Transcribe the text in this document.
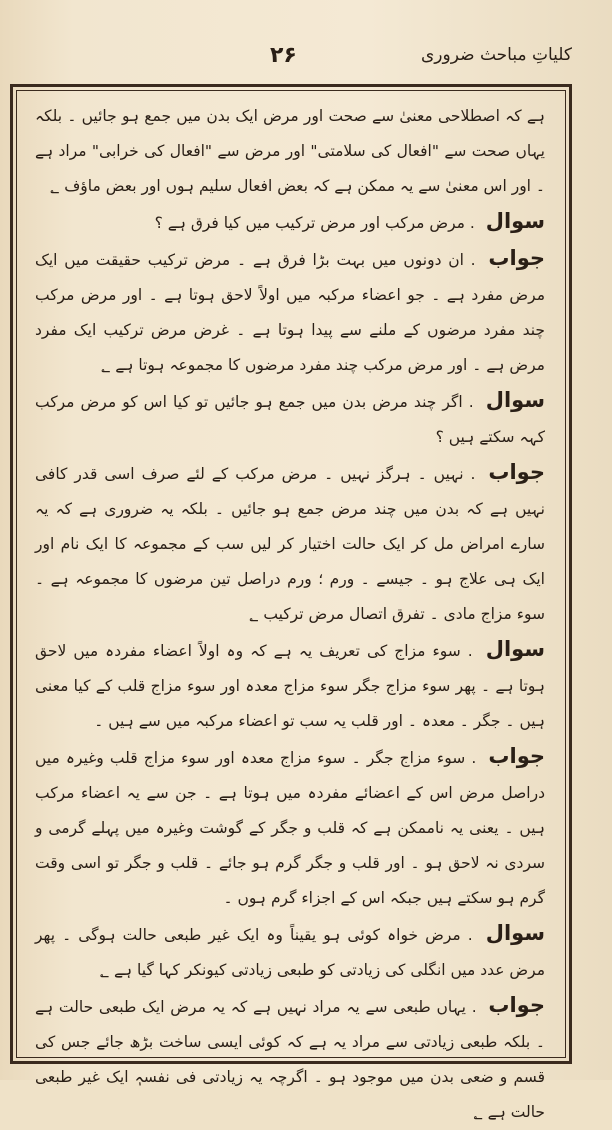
۲۶	کلیاتِ مباحث ضروری

ہے کہ اصطلاحی معنیٰ سے صحت اور مرض ایک بدن میں جمع ہو جائیں ۔ بلکہ یہاں صحت سے "افعال کی سلامتی" اور مرض سے "افعال کی خرابی" مراد ہے ۔ اور اس معنیٰ سے یہ ممکن ہے کہ بعض افعال سلیم ہوں اور بعض ماؤف ؂

سوال . مرض مرکب اور مرض ترکیب میں کیا فرق ہے ؟

جواب . ان دونوں میں بہت بڑا فرق ہے ۔ مرض ترکیب حقیقت میں ایک مرض مفرد ہے ۔ جو اعضاء مرکبہ میں اولاً لاحق ہوتا ہے ۔ اور مرض مرکب چند مفرد مرضوں کے ملنے سے پیدا ہوتا ہے ۔ غرض مرض ترکیب ایک مفرد مرض ہے ۔ اور مرض مرکب چند مفرد مرضوں کا مجموعہ ہوتا ہے ؂

سوال . اگر چند مرض بدن میں جمع ہو جائیں تو کیا اس کو مرض مرکب کہہ سکتے ہیں ؟

جواب . نہیں ۔ ہرگز نہیں ۔ مرض مرکب کے لئے صرف اسی قدر کافی نہیں ہے کہ بدن میں چند مرض جمع ہو جائیں ۔ بلکہ یہ ضروری ہے کہ یہ سارے امراض مل کر ایک حالت اختیار کر لیں سب کے مجموعہ کا ایک نام اور ایک ہی علاج ہو ۔ جیسے ۔ ورم ؛ ورم دراصل تین مرضوں کا مجموعہ ہے ۔ سوء مزاج مادی ۔ تفرق اتصال مرض ترکیب ؂

سوال . سوء مزاج کی تعریف یہ ہے کہ وہ اولاً اعضاء مفردہ میں لاحق ہوتا ہے ۔ پھر سوء مزاج جگر سوء مزاج معدہ اور سوء مزاج قلب کے کیا معنی ہیں ۔ جگر ۔ معدہ ۔ اور قلب یہ سب تو اعضاء مرکبہ میں سے ہیں ۔

جواب . سوء مزاج جگر ۔ سوء مزاج معدہ اور سوء مزاج قلب وغیرہ میں دراصل مرض اس کے اعضائے مفردہ میں ہوتا ہے ۔ جن سے یہ اعضاء مرکب ہیں ۔ یعنی یہ ناممکن ہے کہ قلب و جگر کے گوشت وغیرہ میں پہلے گرمی و سردی نہ لاحق ہو ۔ اور قلب و جگر گرم ہو جائے ۔ قلب و جگر تو اسی وقت گرم ہو سکتے ہیں جبکہ اس کے اجزاء گرم ہوں ۔

سوال . مرض خواہ کوئی ہو یقیناً وہ ایک غیر طبعی حالت ہوگی ۔ پھر مرض عدد میں انگلی کی زیادتی کو طبعی زیادتی کیونکر کہا گیا ہے ؂

جواب . یہاں طبعی سے یہ مراد نہیں ہے کہ یہ مرض ایک طبعی حالت ہے ۔ بلکہ طبعی زیادتی سے مراد یہ ہے کہ کوئی ایسی ساخت بڑھ جائے جس کی قسم و ضعی بدن میں موجود ہو ۔ اگرچہ یہ زیادتی فی نفسہٖ ایک غیر طبعی حالت ہے ؂
